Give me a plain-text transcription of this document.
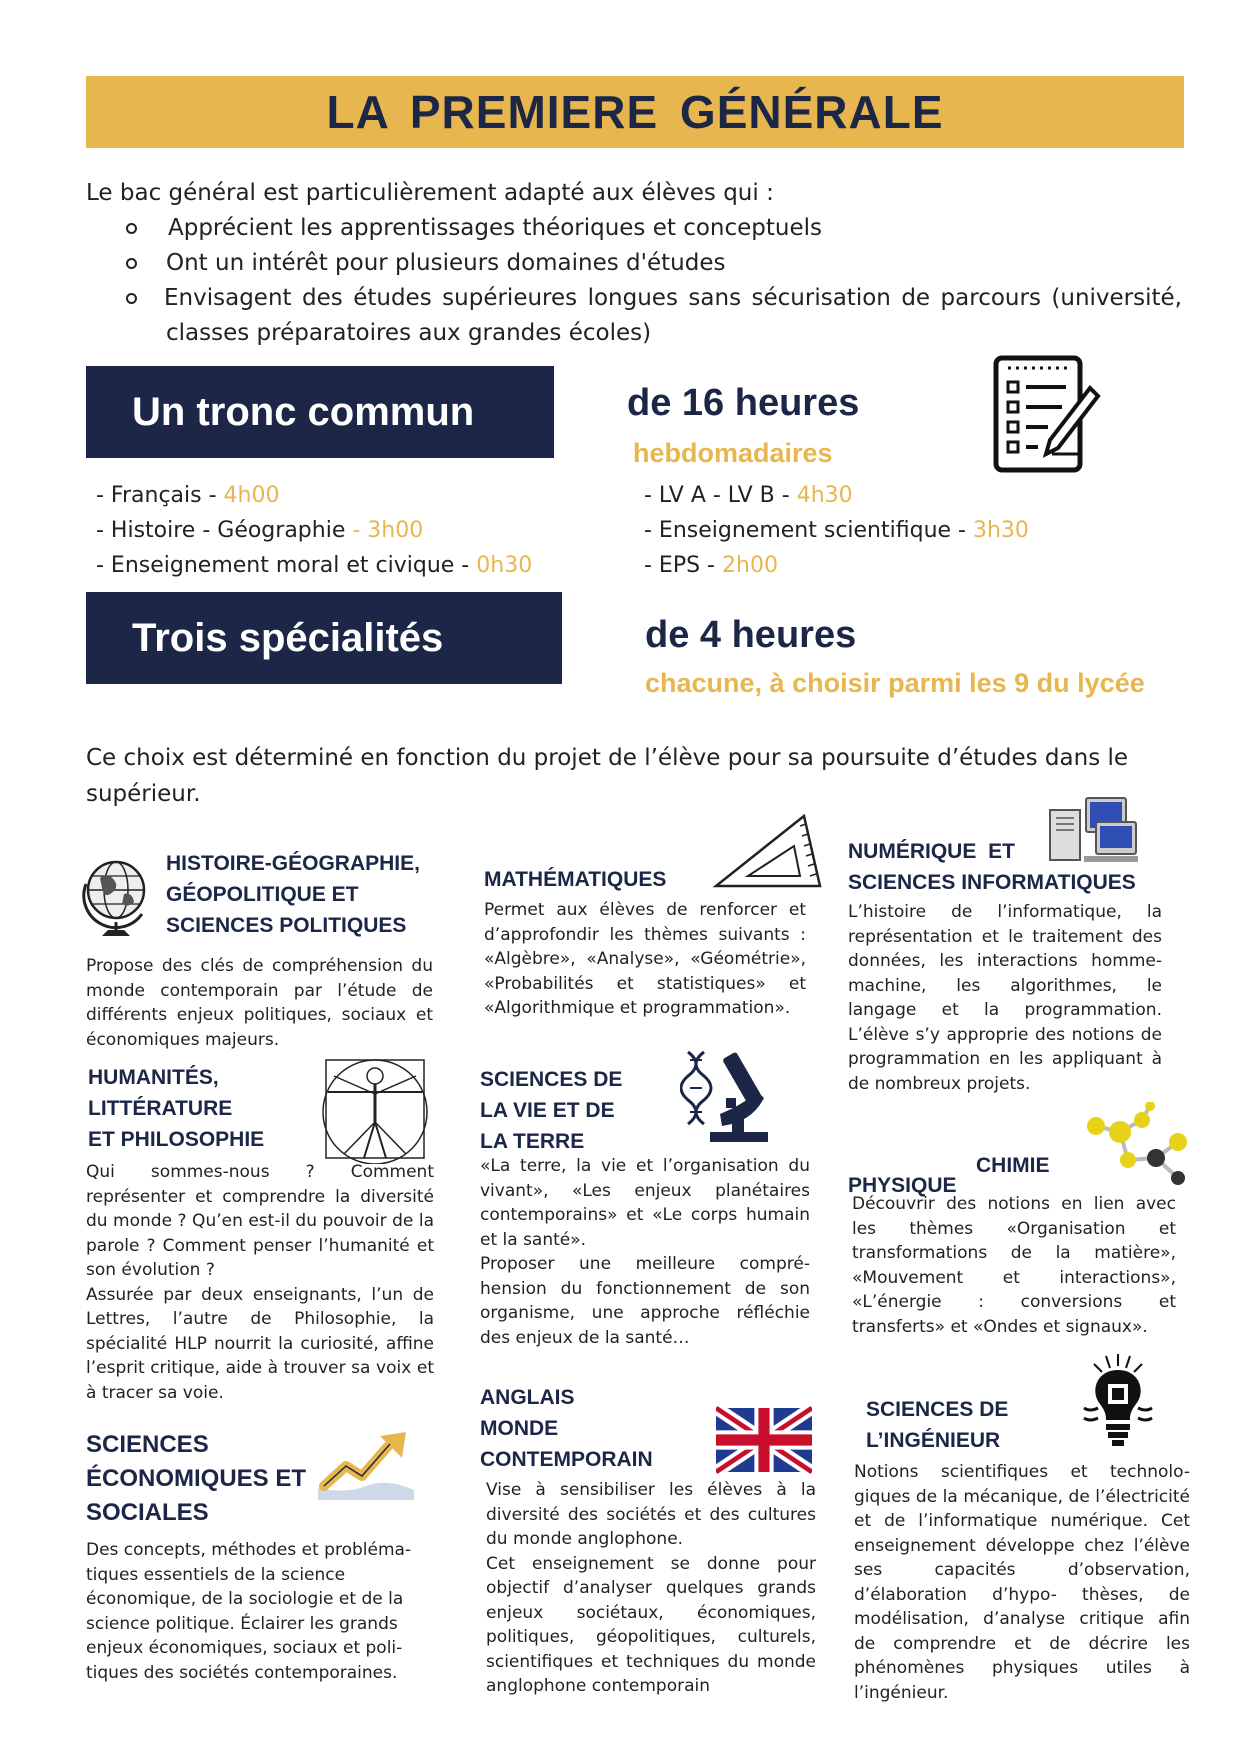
LA PREMIERE GÉNÉRALE
Le bac général est particulièrement adapté aux élèves qui :
Apprécient les apprentissages théoriques et conceptuels
Ont un intérêt pour plusieurs domaines d'études
Envisagent des études supérieures longues sans sécurisation de parcours (université, classes préparatoires aux grandes écoles)
Un tronc commun	de 16 heures
hebdomadaires
- Français - 4h00
- Histoire - Géographie - 3h00
- Enseignement moral et civique - 0h30
- LV A - LV B - 4h30
- Enseignement scientifique - 3h30
- EPS - 2h00
Trois spécialités	de 4 heures
chacune, à choisir parmi les 9 du lycée
Ce choix est déterminé en fonction du projet de l’élève pour sa poursuite d’études dans le supérieur.
HISTOIRE-GÉOGRAPHIE,
GÉOPOLITIQUE ET
SCIENCES POLITIQUES
Propose des clés de compréhension du monde contemporain par l’étude de différents enjeux politiques, sociaux et économiques majeurs.
HUMANITÉS,
LITTÉRATURE
ET PHILOSOPHIE
Qui sommes-nous ? Comment représenter et comprendre la diversité du monde ? Qu’en est-il du pouvoir de la parole ? Comment penser l’humanité et son évolution ?
Assurée par deux enseignants, l’un de Lettres, l’autre de Philosophie, la spécialité HLP nourrit la curiosité, affine l’esprit critique, aide à trouver sa voix et à tracer sa voie.
SCIENCES
ÉCONOMIQUES ET
SOCIALES
Des concepts, méthodes et probléma- tiques essentiels de la science économique, de la sociologie et de la science politique. Éclairer les grands enjeux économiques, sociaux et poli- tiques des sociétés contemporaines.
MATHÉMATIQUES
Permet aux élèves de renforcer et d’approfondir les thèmes suivants : «Algèbre», «Analyse», «Géométrie», «Probabilités et statistiques» et «Algorithmique et programmation».
SCIENCES DE
LA VIE ET DE
LA TERRE
«La terre, la vie et l’organisation du vivant», «Les enjeux planétaires contemporains» et «Le corps humain et la santé».
Proposer une meilleure compré- hension du fonctionnement de son organisme, une approche réfléchie des enjeux de la santé…
ANGLAIS
MONDE
CONTEMPORAIN
Vise à sensibiliser les élèves à la diversité des sociétés et des cultures du monde anglophone.
Cet enseignement se donne pour objectif d’analyser quelques grands enjeux sociétaux, économiques, politiques, géopolitiques, culturels, scientifiques et techniques du monde anglophone contemporain
NUMÉRIQUE ET
SCIENCES INFORMATIQUES
L’histoire de l’informatique, la représentation et le traitement des données, les interactions homme-machine, les algorithmes, le langage et la programmation. L’élève s’y approprie des notions de programmation en les appliquant à de nombreux projets.
CHIMIE
PHYSIQUE
Découvrir des notions en lien avec les thèmes «Organisation et transformations de la matière», «Mouvement et interactions», «L’énergie : conversions et transferts» et «Ondes et signaux».
SCIENCES DE
L’INGÉNIEUR
Notions scientifiques et technolo- giques de la mécanique, de l’électricité et de l’informatique numérique. Cet enseignement développe chez l’élève ses capacités d’observation, d’élaboration d’hypo- thèses, de modélisation, d’analyse critique afin de comprendre et de décrire les phénomènes physiques utiles à l’ingénieur.
